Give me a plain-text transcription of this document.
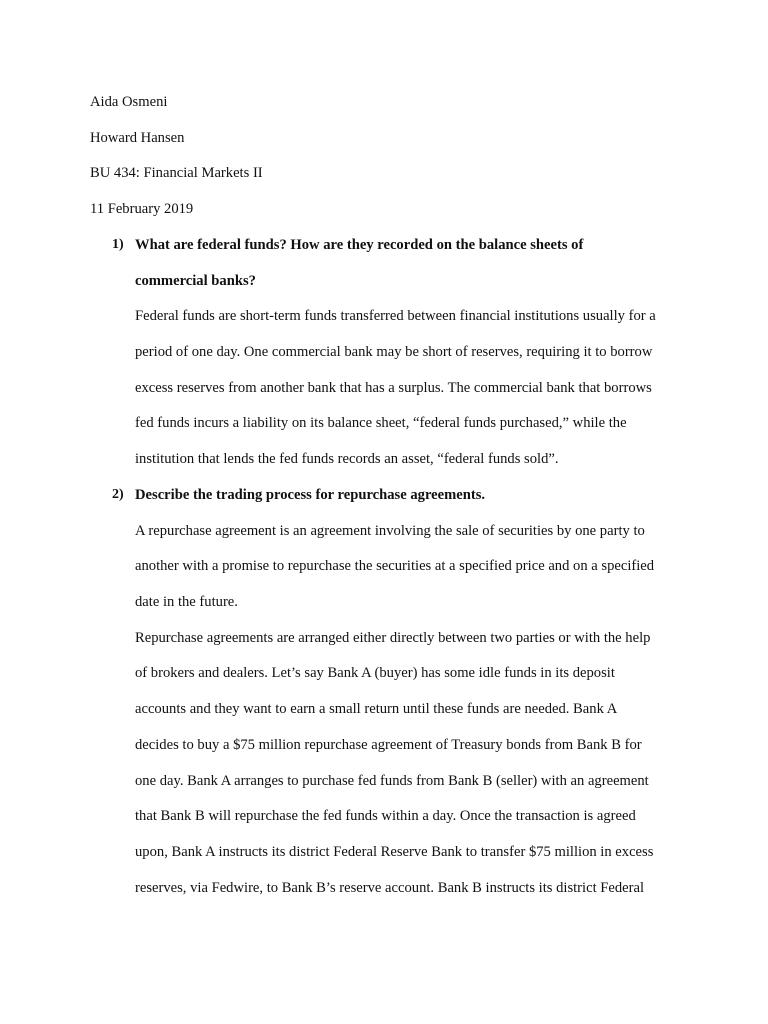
Aida Osmeni
Howard Hansen
BU 434: Financial Markets II
11 February 2019
1) What are federal funds? How are they recorded on the balance sheets of
commercial banks?
Federal funds are short-term funds transferred between financial institutions usually for a
period of one day. One commercial bank may be short of reserves, requiring it to borrow
excess reserves from another bank that has a surplus. The commercial bank that borrows
fed funds incurs a liability on its balance sheet, “federal funds purchased,” while the
institution that lends the fed funds records an asset, “federal funds sold”.
2) Describe the trading process for repurchase agreements.
A repurchase agreement is an agreement involving the sale of securities by one party to
another with a promise to repurchase the securities at a specified price and on a specified
date in the future.
Repurchase agreements are arranged either directly between two parties or with the help
of brokers and dealers. Let’s say Bank A (buyer) has some idle funds in its deposit
accounts and they want to earn a small return until these funds are needed. Bank A
decides to buy a $75 million repurchase agreement of Treasury bonds from Bank B for
one day. Bank A arranges to purchase fed funds from Bank B (seller) with an agreement
that Bank B will repurchase the fed funds within a day. Once the transaction is agreed
upon, Bank A instructs its district Federal Reserve Bank to transfer $75 million in excess
reserves, via Fedwire, to Bank B’s reserve account. Bank B instructs its district Federal
